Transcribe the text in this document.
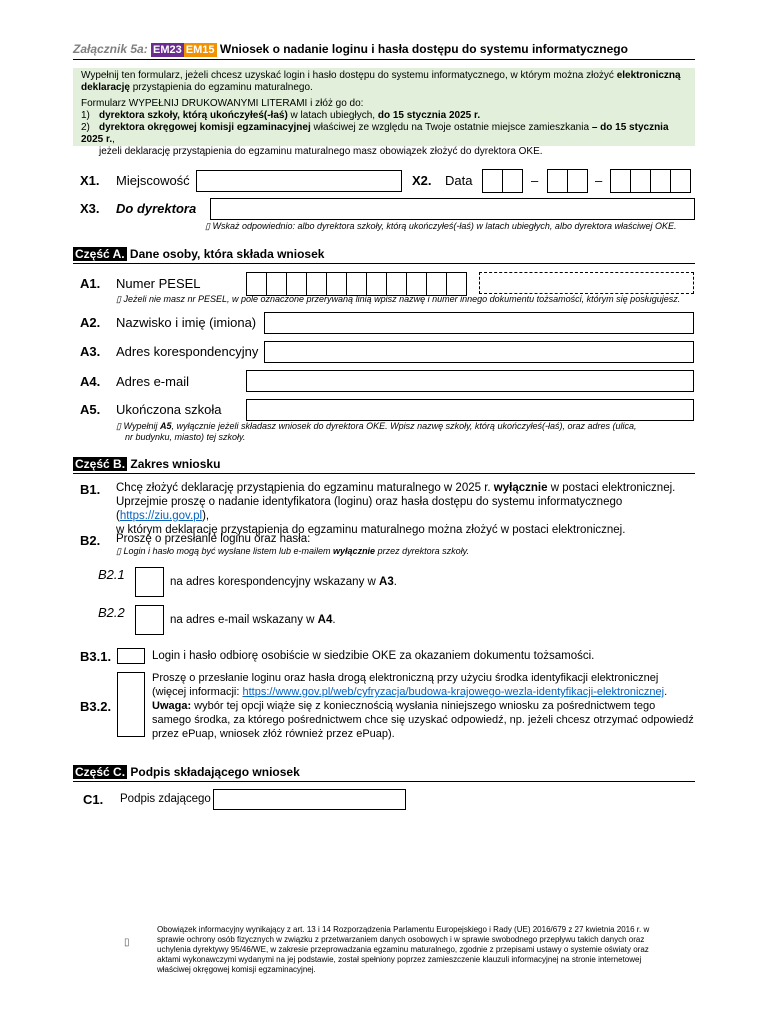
Załącznik 5a: EM23 EM15 Wniosek o nadanie loginu i hasła dostępu do systemu informatycznego

Wypełnij ten formularz, jeżeli chcesz uzyskać login i hasło dostępu do systemu informatycznego, w którym można złożyć elektroniczną deklarację przystąpienia do egzaminu maturalnego.

Formularz WYPEŁNIJ DRUKOWANYMI LITERAMI i złóż go do:

1) dyrektora szkoły, którą ukończyłeś(-łaś) w latach ubiegłych, do 15 stycznia 2025 r.

2) dyrektora okręgowej komisji egzaminacyjnej właściwej ze względu na Twoje ostatnie miejsce zamieszkania – do 15 stycznia 2025 r.,

jeżeli deklarację przystąpienia do egzaminu maturalnego masz obowiązek złożyć do dyrektora OKE.

X1. Miejscowość	X2. Data	–	–
X3. Do dyrektora
▯ Wskaż odpowiednio: albo dyrektora szkoły, którą ukończyłeś(-łaś) w latach ubiegłych, albo dyrektora właściwej OKE.
Część A. Dane osoby, która składa wniosek
A1. Numer PESEL
▯ Jeżeli nie masz nr PESEL, w pole oznaczone przerywaną linią wpisz nazwę i numer innego dokumentu tożsamości, którym się posługujesz.
A2. Nazwisko i imię (imiona)
A3. Adres korespondencyjny
A4. Adres e-mail
A5. Ukończona szkoła
▯ Wypełnij A5, wyłącznie jeżeli składasz wniosek do dyrektora OKE. Wpisz nazwę szkoły, którą ukończyłeś(-łaś), oraz adres (ulica,
nr budynku, miasto) tej szkoły.
Część B. Zakres wniosku
B1. Chcę złożyć deklarację przystąpienia do egzaminu maturalnego w 2025 r. wyłącznie w postaci elektronicznej.
Uprzejmie proszę o nadanie identyfikatora (loginu) oraz hasła dostępu do systemu informatycznego (https://ziu.gov.pl),
w którym deklarację przystąpienia do egzaminu maturalnego można złożyć w postaci elektronicznej.
B2. Proszę o przesłanie loginu oraz hasła:
▯ Login i hasło mogą być wysłane listem lub e-mailem wyłącznie przez dyrektora szkoły.
B2.1	na adres korespondencyjny wskazany w A3.
B2.2	na adres e-mail wskazany w A4.
B3.1.	Login i hasło odbiorę osobiście w siedzibie OKE za okazaniem dokumentu tożsamości.
B3.2.
Proszę o przesłanie loginu oraz hasła drogą elektroniczną przy użyciu środka identyfikacji elektronicznej (więcej informacji: https://www.gov.pl/web/cyfryzacja/budowa-krajowego-wezla-identyfikacji-elektronicznej. Uwaga: wybór tej opcji wiąże się z koniecznością wysłania niniejszego wniosku za pośrednictwem tego samego środka, za którego pośrednictwem chce się uzyskać odpowiedź, np. jeżeli chcesz otrzymać odpowiedź przez ePuap, wniosek złóż również przez ePuap).
Część C. Podpis składającego wniosek
C1. Podpis zdającego
▯
Obowiązek informacyjny wynikający z art. 13 i 14 Rozporządzenia Parlamentu Europejskiego i Rady (UE) 2016/679 z 27 kwietnia 2016 r. w sprawie ochrony osób fizycznych w związku z przetwarzaniem danych osobowych i w sprawie swobodnego przepływu takich danych oraz uchylenia dyrektywy 95/46/WE, w zakresie przeprowadzania egzaminu maturalnego, zgodnie z przepisami ustawy o systemie oświaty oraz aktami wykonawczymi wydanymi na jej podstawie, został spełniony poprzez zamieszczenie klauzuli informacyjnej na stronie internetowej właściwej okręgowej komisji egzaminacyjnej.
